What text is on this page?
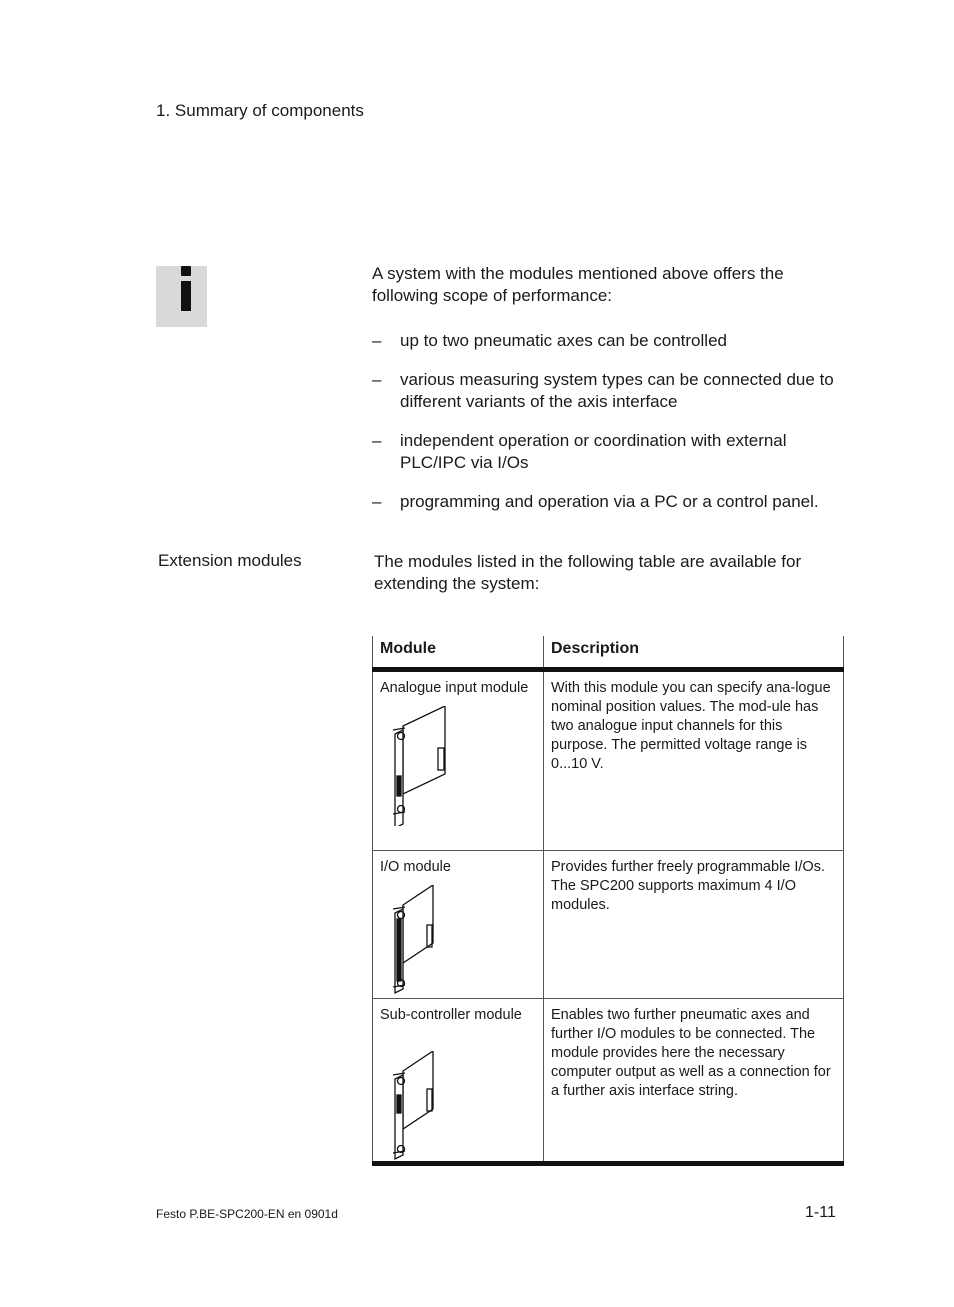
1. Summary of components
A system with the modules mentioned above offers the following scope of performance:
– up to two pneumatic axes can be controlled
– various measuring system types can be connected due to different variants of the axis interface
– independent operation or coordination with external PLC/IPC via I/Os
– programming and operation via a PC or a control panel.
Extension modules	The modules listed in the following table are available for extending the system:
Module	Description

Analogue input module	With this module you can specify ana-logue nominal position values. The mod-ule has two analogue input channels for this purpose. The permitted voltage range is 0...10 V.

I/O module	Provides further freely programmable I/Os. The SPC200 supports maximum 4 I/O modules.

Sub-controller module	Enables two further pneumatic axes and further I/O modules to be connected. The module provides here the necessary computer output as well as a connection for a further axis interface string.
Festo P.BE-SPC200-EN en 0901d	1-11
